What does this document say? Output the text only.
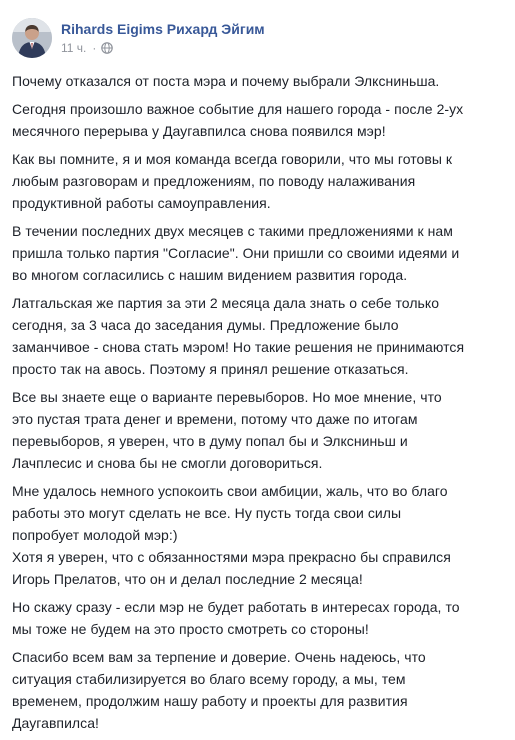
Rihards Eigims Рихард Эйгим
11 ч. ·

Почему отказался от поста мэра и почему выбрали Элксниньша.

Сегодня произошло важное событие для нашего города - после 2-ух
месячного перерыва у Даугавпилса снова появился мэр!

Как вы помните, я и моя команда всегда говорили, что мы готовы к
любым разговорам и предложениям, по поводу налаживания
продуктивной работы самоуправления.

В течении последних двух месяцев с такими предложениями к нам
пришла только партия "Согласие". Они пришли со своими идеями и
во многом согласились с нашим видением развития города.

Латгальская же партия за эти 2 месяца дала знать о себе только
сегодня, за 3 часа до заседания думы. Предложение было
заманчивое - снова стать мэром! Но такие решения не принимаются
просто так на авось. Поэтому я принял решение отказаться.

Все вы знаете еще о варианте перевыборов. Но мое мнение, что
это пустая трата денег и времени, потому что даже по итогам
перевыборов, я уверен, что в думу попал бы и Элксниньш и
Лачплесис и снова бы не смогли договориться.

Мне удалось немного успокоить свои амбиции, жаль, что во благо
работы это могут сделать не все. Ну пусть тогда свои силы
попробует молодой мэр:)
Хотя я уверен, что с обязанностями мэра прекрасно бы справился
Игорь Прелатов, что он и делал последние 2 месяца!

Но скажу сразу - если мэр не будет работать в интересах города, то
мы тоже не будем на это просто смотреть со стороны!

Спасибо всем вам за терпение и доверие. Очень надеюсь, что
ситуация стабилизируется во благо всему городу, а мы, тем
временем, продолжим нашу работу и проекты для развития
Даугавпилса!
